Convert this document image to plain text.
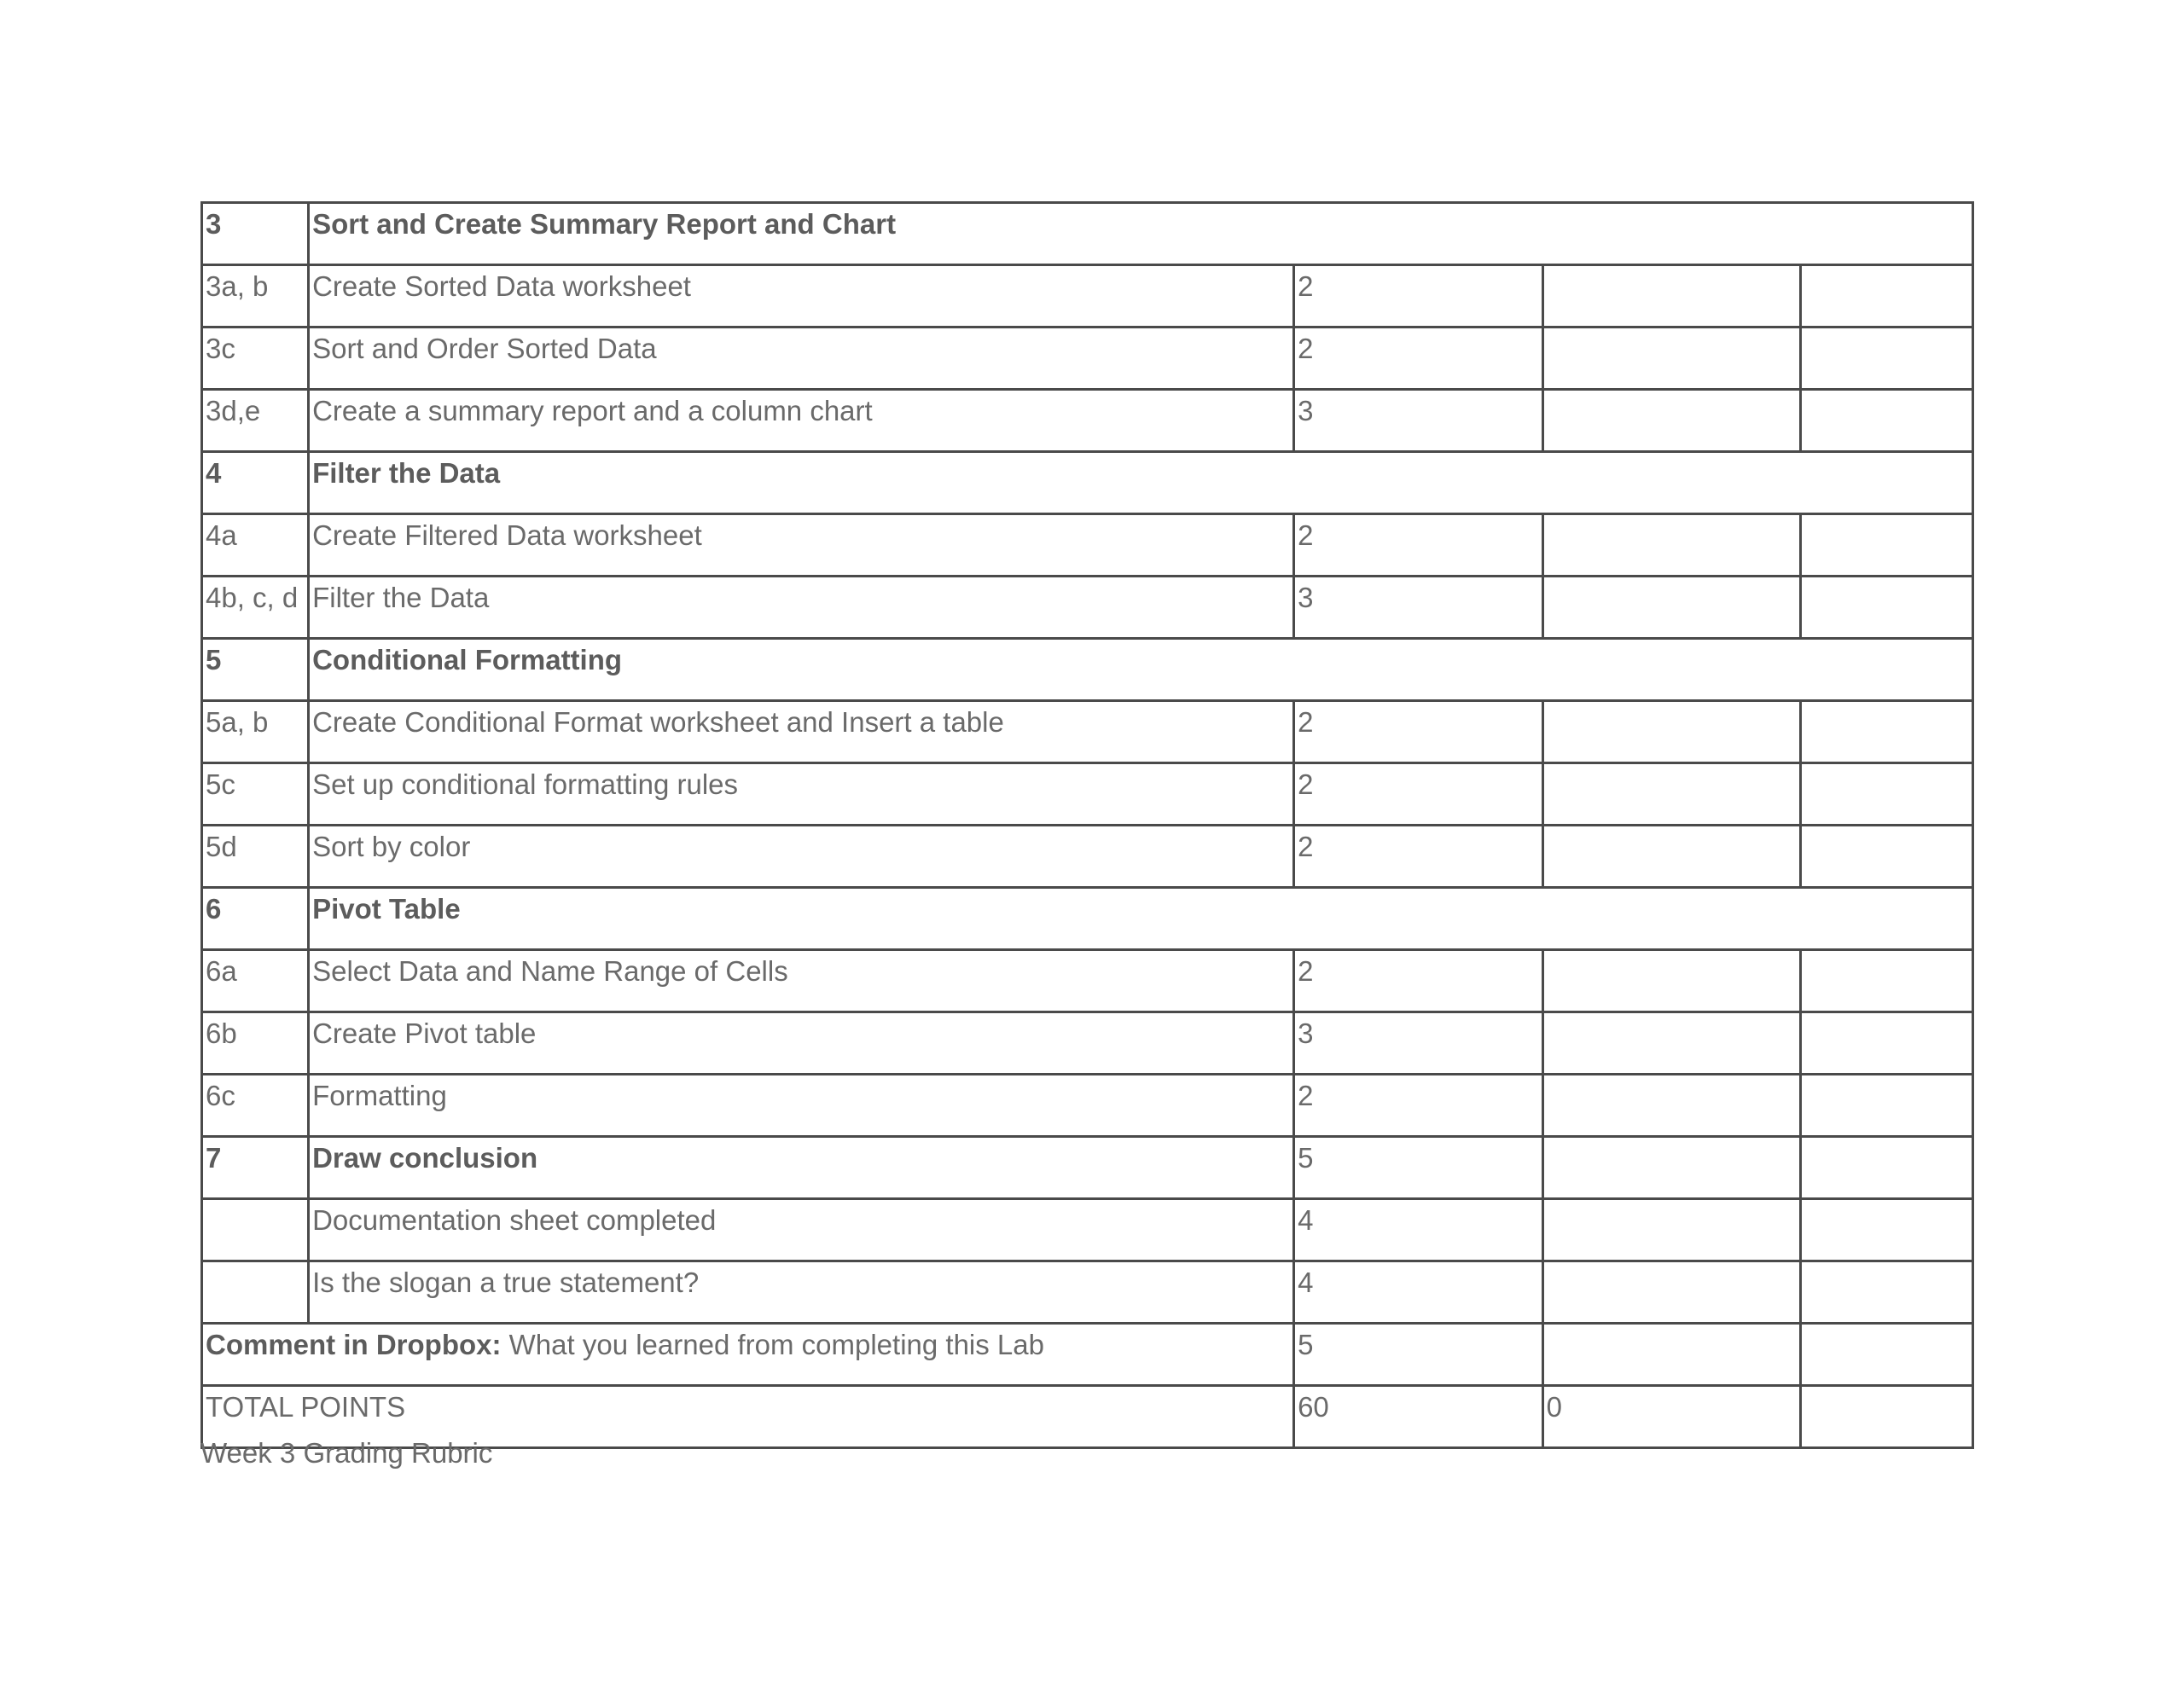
3	Sort and Create Summary Report and Chart			
3a, b	Create Sorted Data worksheet	2		
3c	Sort and Order Sorted Data	2		
3d,e	Create a summary report and a column chart	3		
4	Filter the Data			
4a	Create Filtered Data worksheet	2		
4b, c, d	Filter the Data	3		
5	Conditional Formatting			
5a, b	Create Conditional Format worksheet and Insert a table	2		
5c	Set up conditional formatting rules	2		
5d	Sort by color	2		
6	Pivot Table			
6a	Select Data and Name Range of Cells	2		
6b	Create Pivot table	3		
6c	Formatting	2		
7	Draw conclusion	5		
	Documentation sheet completed	4		
	Is the slogan a true statement?	4		
Comment in Dropbox: What you learned from completing this Lab		5		
TOTAL POINTS		60	0	
Week 3 Grading Rubric
